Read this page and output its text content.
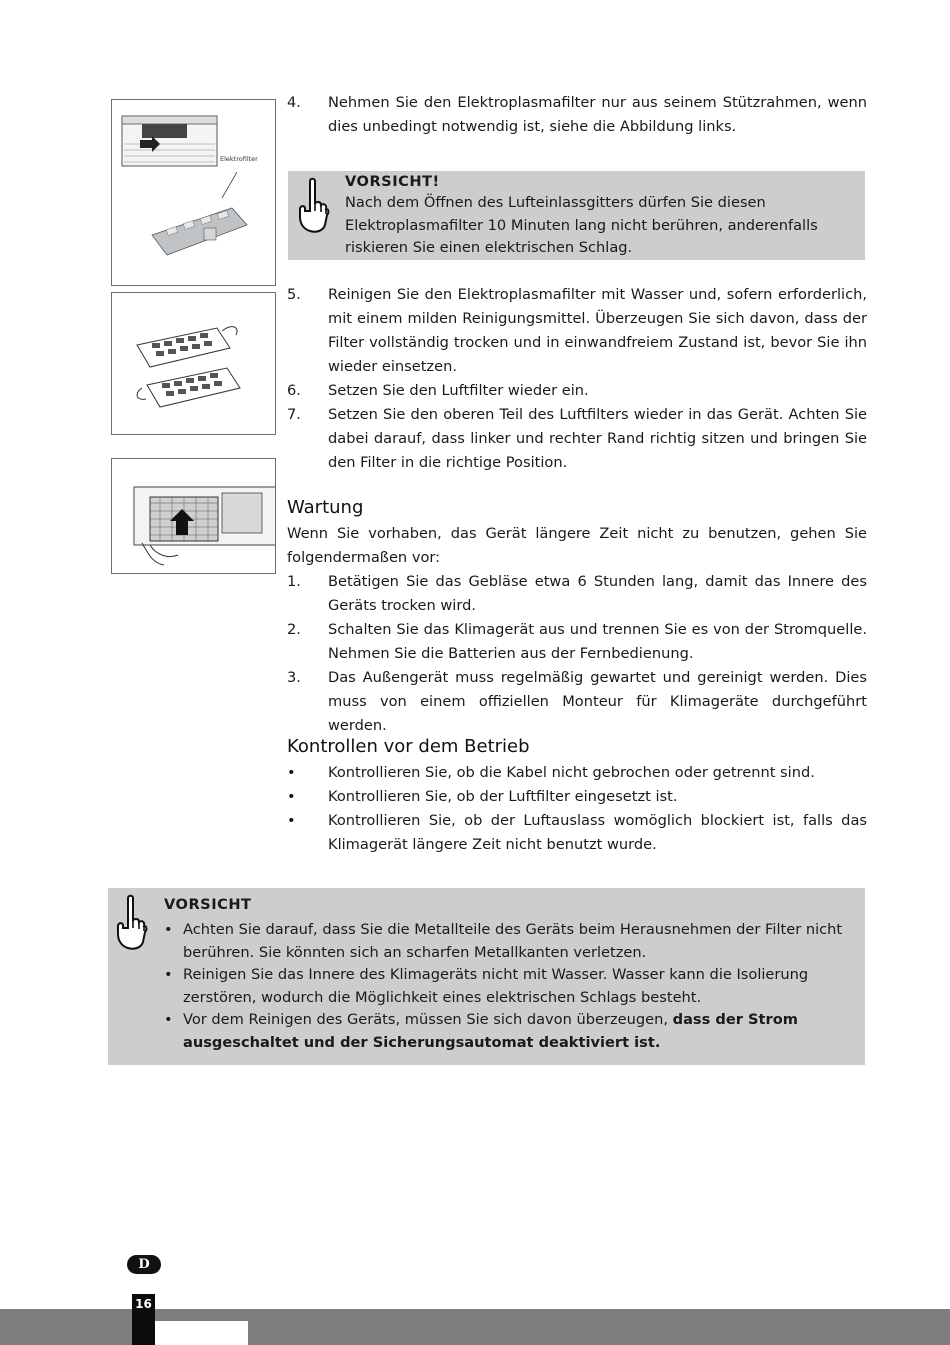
Elektrofilter
4. Nehmen Sie den Elektroplasmafilter nur aus seinem Stützrahmen, wenn dies unbedingt notwendig ist, siehe die Abbildung links.
VORSICHT!
Nach dem Öffnen des Lufteinlassgitters dürfen Sie diesen Elektroplasmafilter 10 Minuten lang nicht berühren, anderenfalls riskieren Sie einen elektrischen Schlag.
5. Reinigen Sie den Elektroplasmafilter mit Wasser und, sofern erforderlich, mit einem milden Reinigungsmittel. Überzeugen Sie sich davon, dass der Filter vollständig trocken und in einwandfreiem Zustand ist, bevor Sie ihn wieder einsetzen.
6. Setzen Sie den Luftfilter wieder ein.
7. Setzen Sie den oberen Teil des Luftfilters wieder in das Gerät. Achten Sie dabei darauf, dass linker und rechter Rand richtig sitzen und bringen Sie den Filter in die richtige Position.
Wartung
Wenn Sie vorhaben, das Gerät längere Zeit nicht zu benutzen, gehen Sie folgendermaßen vor:
1. Betätigen Sie das Gebläse etwa 6 Stunden lang, damit das Innere des Geräts trocken wird.
2. Schalten Sie das Klimagerät aus und trennen Sie es von der Stromquelle. Nehmen Sie die Batterien aus der Fernbedienung.
3. Das Außengerät muss regelmäßig gewartet und gereinigt werden. Dies muss von einem offiziellen Monteur für Klimageräte durchgeführt werden.
Kontrollen vor dem Betrieb
• Kontrollieren Sie, ob die Kabel nicht gebrochen oder getrennt sind.
• Kontrollieren Sie, ob der Luftfilter eingesetzt ist.
• Kontrollieren Sie, ob der Luftauslass womöglich blockiert ist, falls das Klimagerät längere Zeit nicht benutzt wurde.
VORSICHT
• Achten Sie darauf, dass Sie die Metallteile des Geräts beim Herausnehmen der Filter nicht berühren. Sie könnten sich an scharfen Metallkanten verletzen.
• Reinigen Sie das Innere des Klimageräts nicht mit Wasser. Wasser kann die Isolierung zerstören, wodurch die Möglichkeit eines elektrischen Schlags besteht.
• Vor dem Reinigen des Geräts, müssen Sie sich davon überzeugen, dass der Strom ausgeschaltet und der Sicherungsautomat deaktiviert ist.
D
16
